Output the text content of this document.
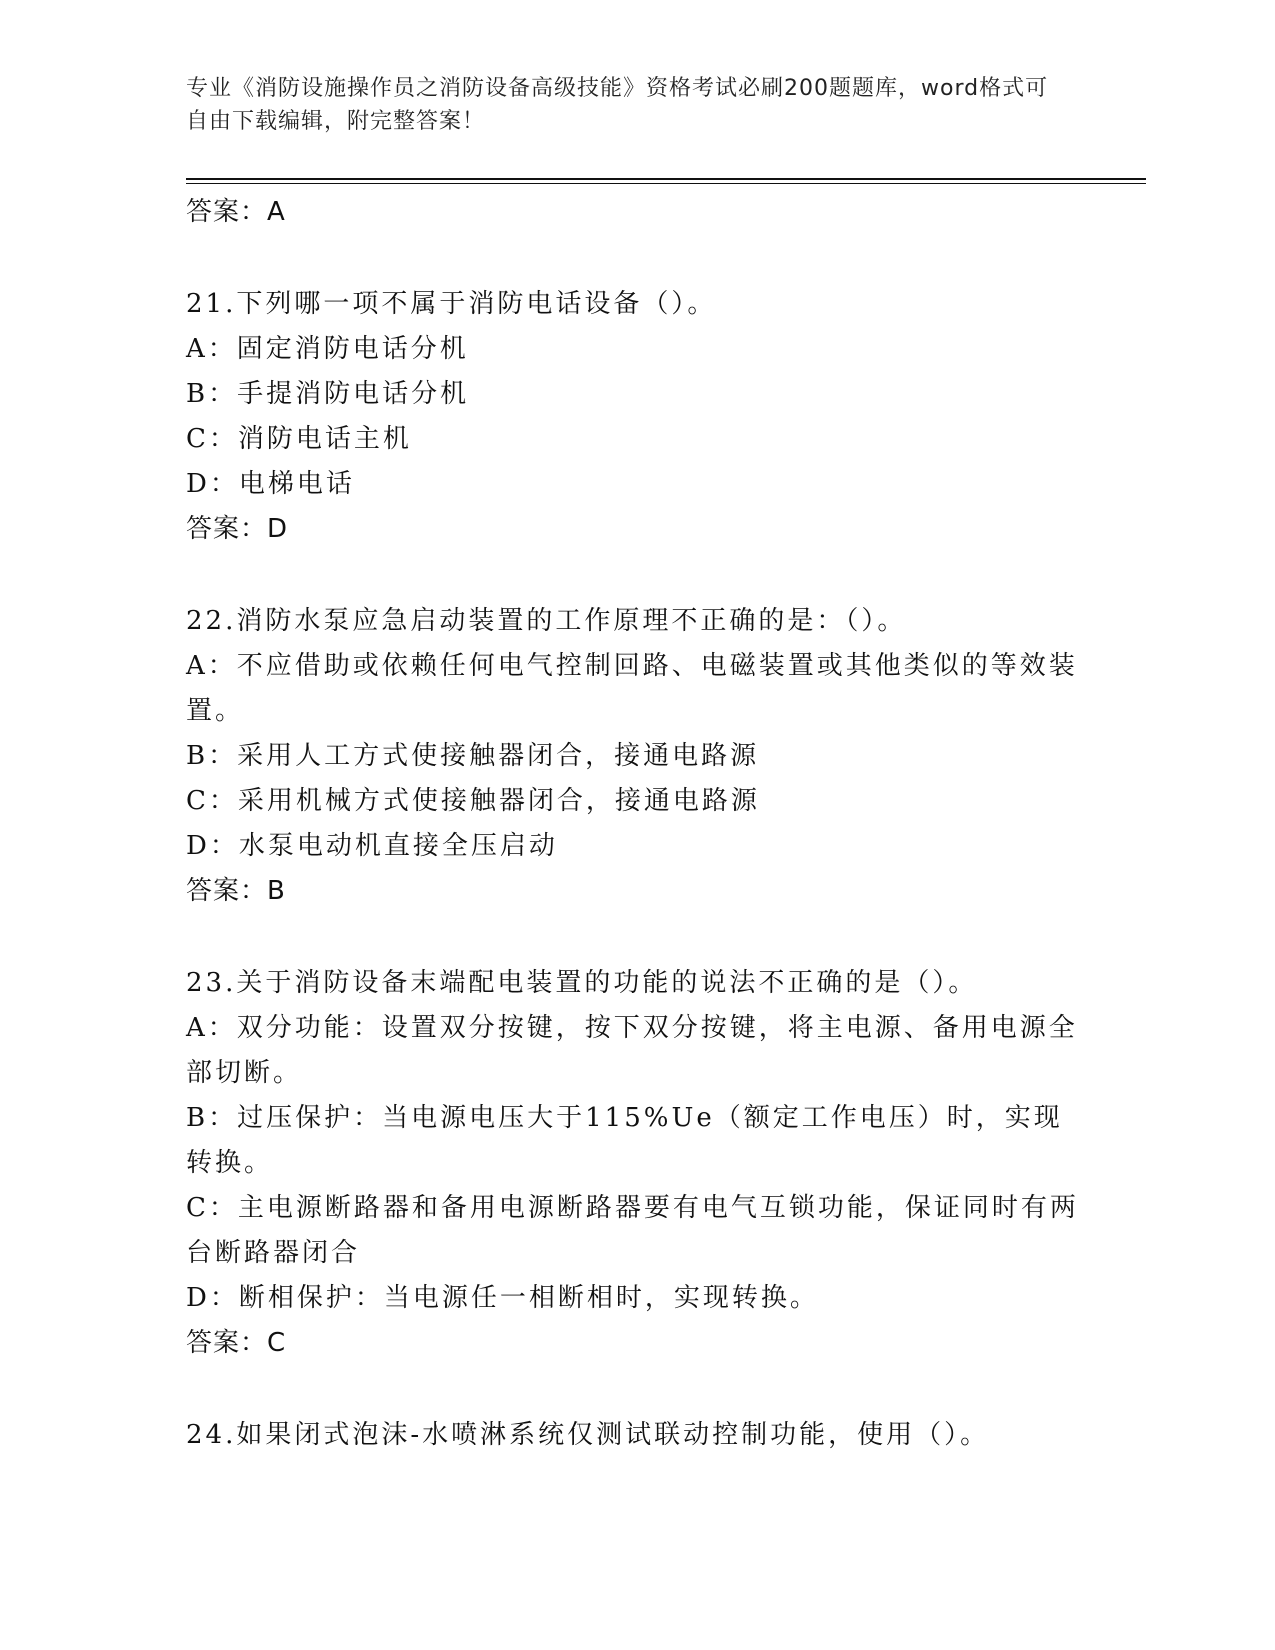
专业《消防设施操作员之消防设备高级技能》资格考试必刷200题题库，word格式可自由下载编辑，附完整答案！

答案：A

21.下列哪一项不属于消防电话设备（）。

A：固定消防电话分机

B：手提消防电话分机

C：消防电话主机

D：电梯电话

答案：D

22.消防水泵应急启动装置的工作原理不正确的是：（）。

A：不应借助或依赖任何电气控制回路、电磁装置或其他类似的等效装置。

B：采用人工方式使接触器闭合，接通电路源

C：采用机械方式使接触器闭合，接通电路源

D：水泵电动机直接全压启动

答案：B

23.关于消防设备末端配电装置的功能的说法不正确的是（）。

A：双分功能：设置双分按键，按下双分按键，将主电源、备用电源全部切断。

B：过压保护：当电源电压大于115%Ue（额定工作电压）时，实现转换。

C：主电源断路器和备用电源断路器要有电气互锁功能，保证同时有两台断路器闭合

D：断相保护：当电源任一相断相时，实现转换。

答案：C

24.如果闭式泡沫-水喷淋系统仅测试联动控制功能，使用（）。
